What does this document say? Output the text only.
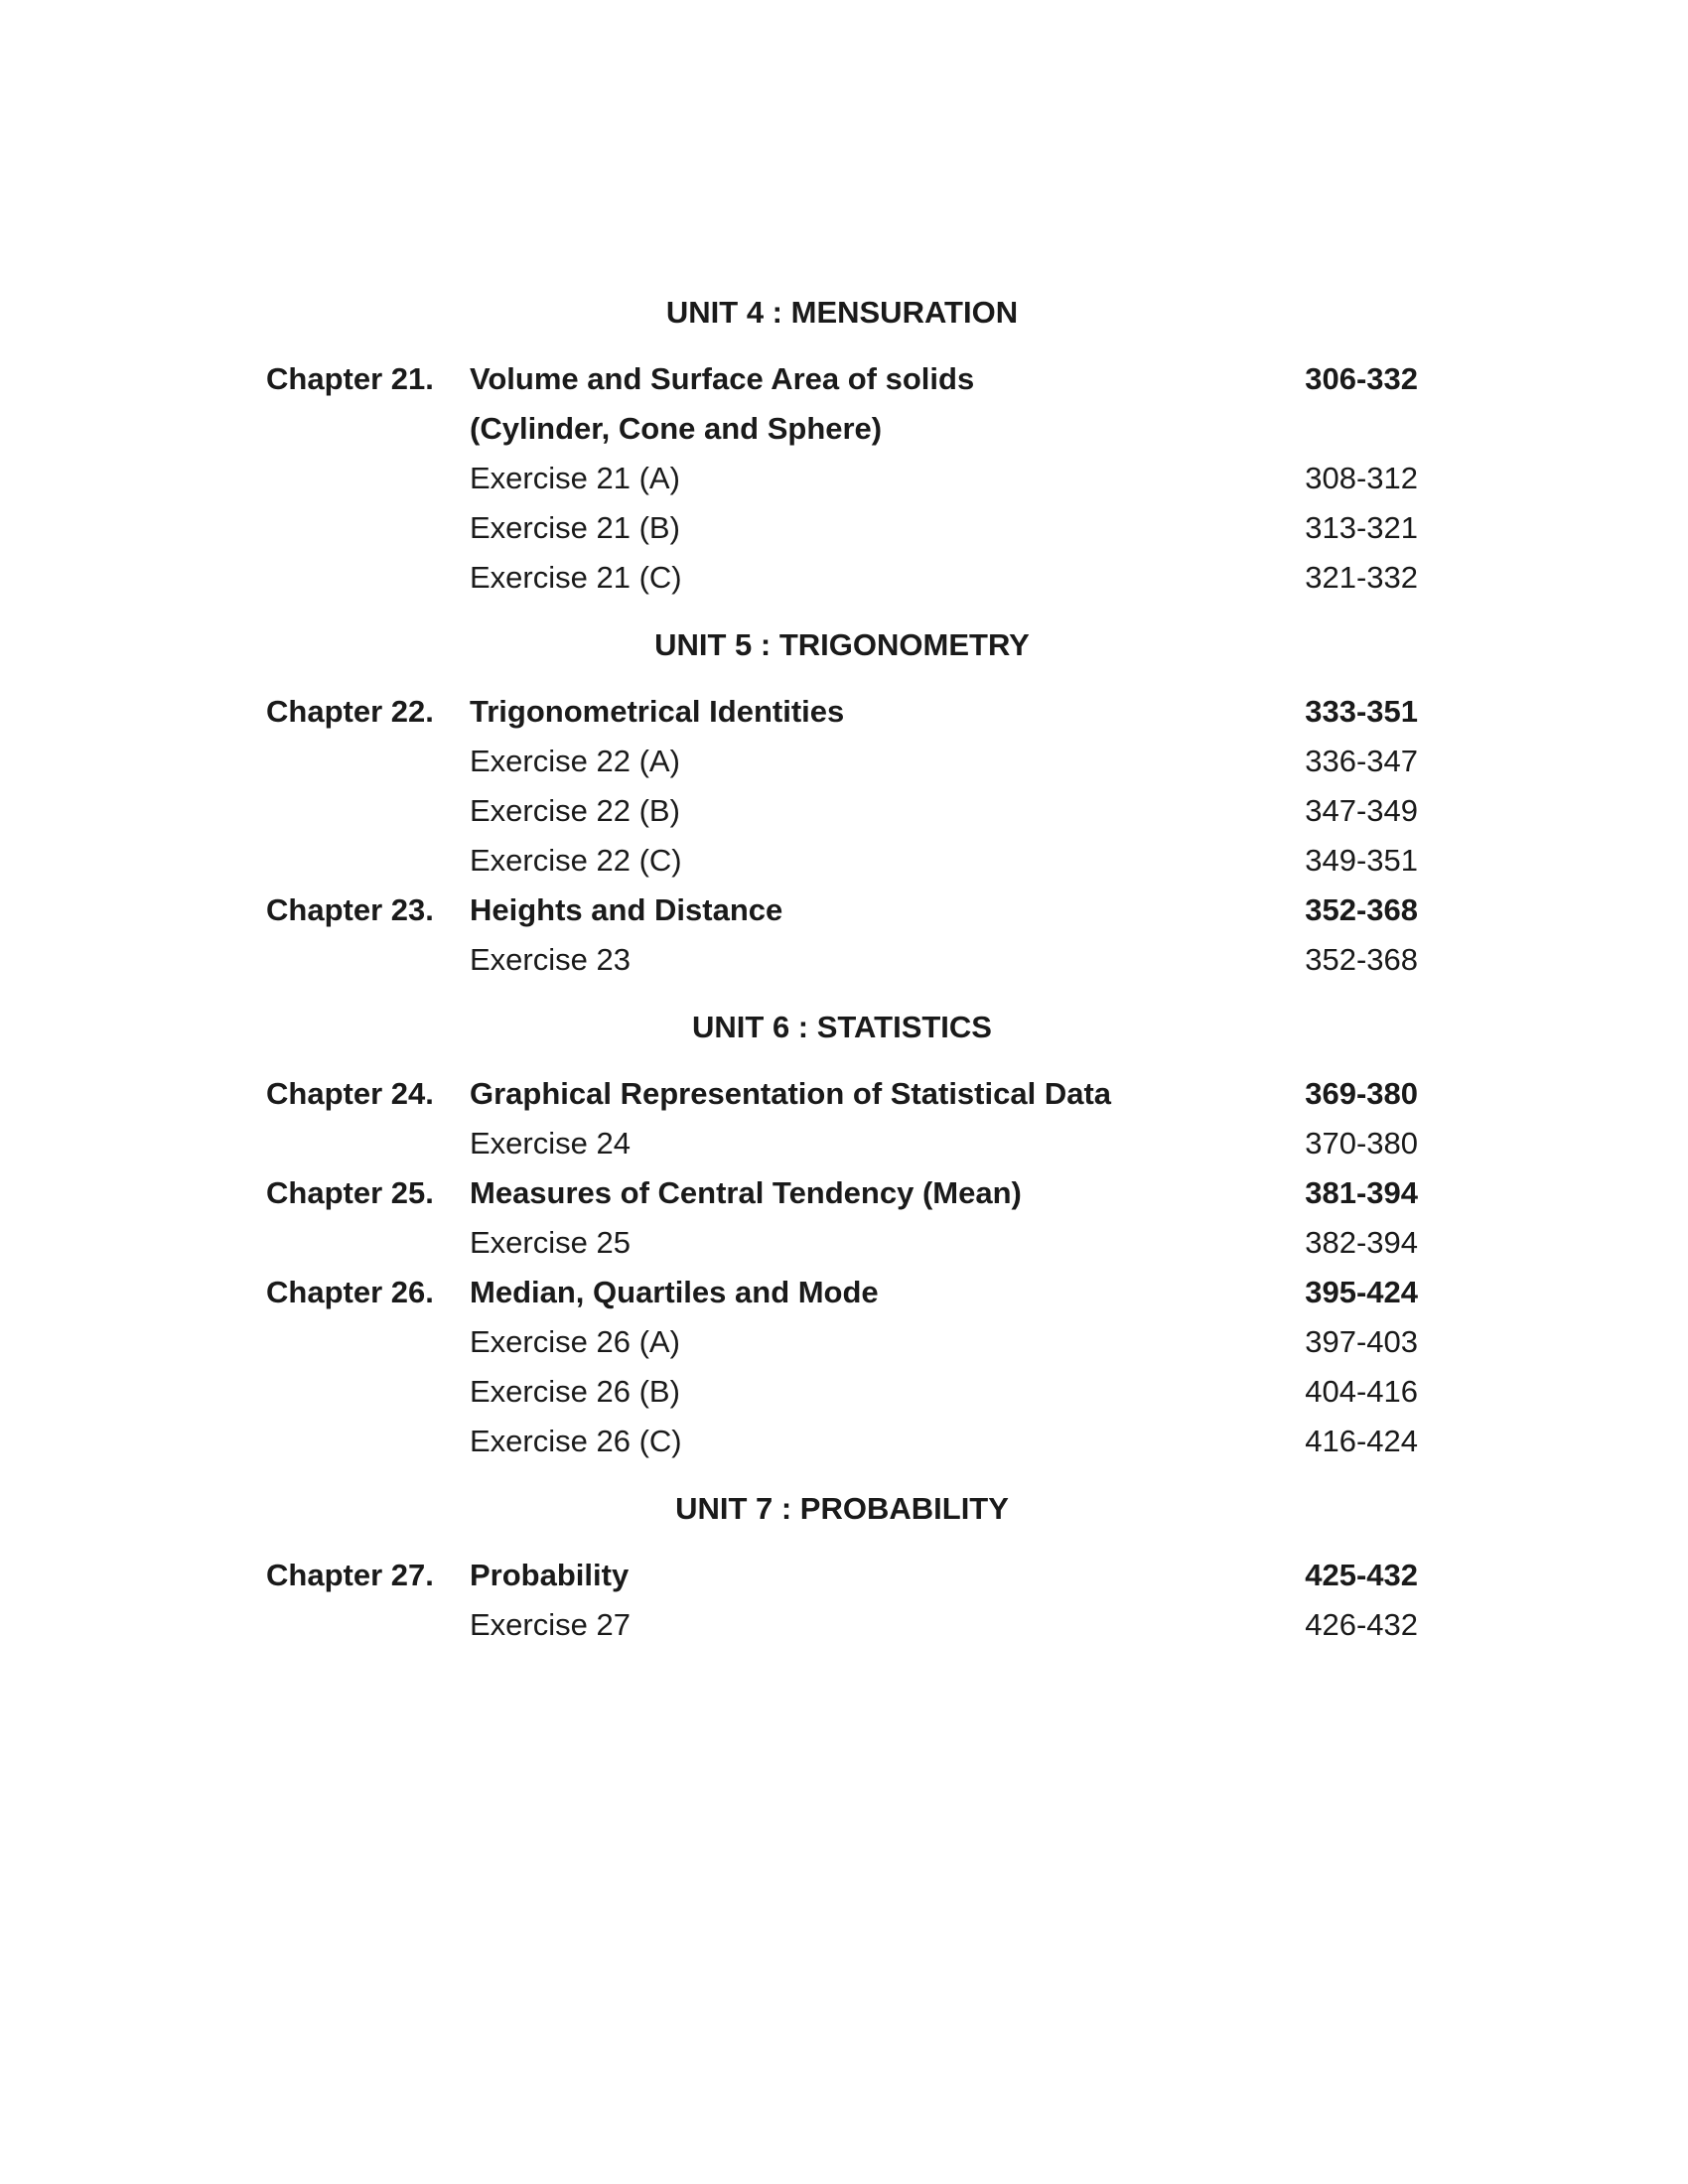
UNIT 4 : MENSURATION
Chapter 21. Volume and Surface Area of solids	306-332
(Cylinder, Cone and Sphere)
Exercise 21 (A)	308-312
Exercise 21 (B)	313-321
Exercise 21 (C)	321-332
UNIT 5 : TRIGONOMETRY
Chapter 22. Trigonometrical Identities	333-351
Exercise 22 (A)	336-347
Exercise 22 (B)	347-349
Exercise 22 (C)	349-351
Chapter 23. Heights and Distance	352-368
Exercise 23	352-368
UNIT 6 : STATISTICS
Chapter 24. Graphical Representation of Statistical Data	369-380
Exercise 24	370-380
Chapter 25. Measures of Central Tendency (Mean)	381-394
Exercise 25	382-394
Chapter 26. Median, Quartiles and Mode	395-424
Exercise 26 (A)	397-403
Exercise 26 (B)	404-416
Exercise 26 (C)	416-424
UNIT 7 : PROBABILITY
Chapter 27. Probability	425-432
Exercise 27	426-432
